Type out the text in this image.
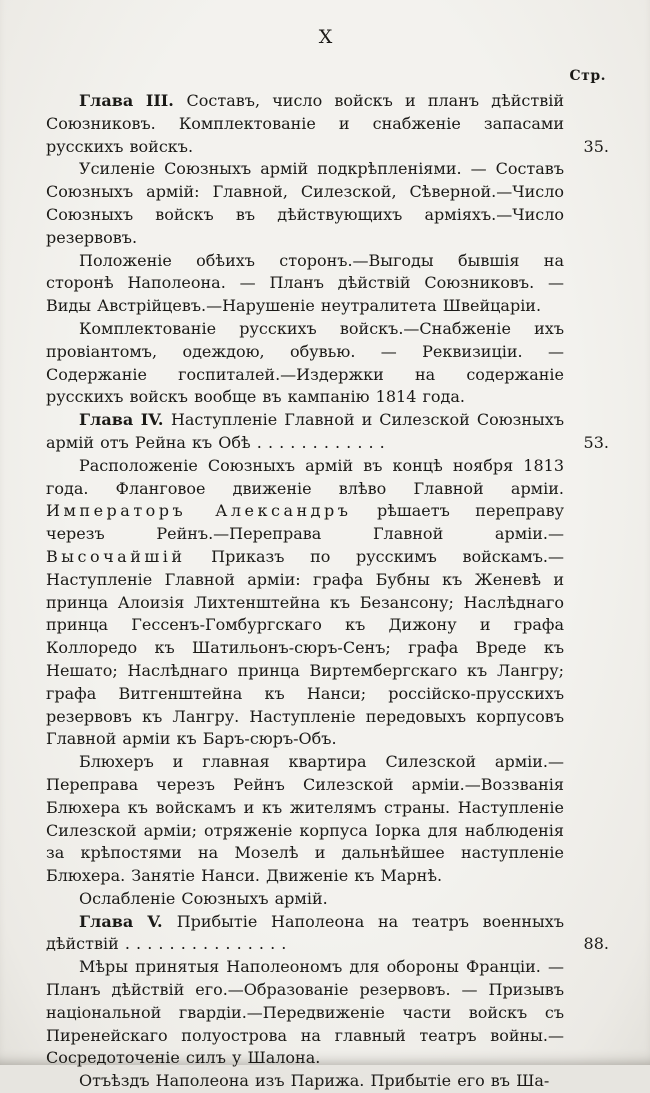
X
Стр.

Глава III. Составъ, число войскъ и планъ дѣйствій Союзниковъ. Комплектованіе и снабженіе запасами русскихъ войскъ.	35.

Усиленіе Союзныхъ армій подкрѣпленіями. — Составъ Союзныхъ армій: Главной, Силезской, Сѣверной.—Число Союзныхъ войскъ въ дѣйствующихъ арміяхъ.—Число резервовъ.

Положеніе обѣихъ сторонъ.—Выгоды бывшія на сторонѣ Наполеона. — Планъ дѣйствій Союзниковъ. — Виды Австрійцевъ.—Нарушеніе неутралитета Швейцаріи.

Комплектованіе русскихъ войскъ.—Снабженіе ихъ провіантомъ, одеждою, обувью. — Реквизиціи. — Содержаніе госпиталей.—Издержки на содержаніе русскихъ войскъ вообще въ кампанію 1814 года.

Глава IV. Наступленіе Главной и Силезской Союзныхъ армій отъ Рейна къ Обѣ . . . . . . . . . . . .	53.

Расположеніе Союзныхъ армій въ концѣ ноября 1813 года. Фланговое движеніе влѣво Главной арміи. Императоръ Александръ рѣшаетъ переправу черезъ Рейнъ.—Переправа Главной арміи.—Высочайшій Приказъ по русскимъ войскамъ.—Наступленіе Главной арміи: графа Бубны къ Женевѣ и принца Алоизія Лихтенштейна къ Безансону; Наслѣднаго принца Гессенъ-Гомбургскаго къ Дижону и графа Коллоредо къ Шатильонъ-сюръ-Сенъ; графа Вреде къ Нешато; Наслѣднаго принца Виртембергскаго къ Лангру; графа Витгенштейна къ Нанси; россійско-прусскихъ резервовъ къ Лангру. Наступленіе передовыхъ корпусовъ Главной арміи къ Баръ-сюръ-Объ.

Блюхеръ и главная квартира Силезской арміи.—Переправа черезъ Рейнъ Силезской арміи.—Воззванія Блюхера къ войскамъ и къ жителямъ страны. Наступленіе Силезской арміи; отряженіе корпуса Іорка для наблюденія за крѣпостями на Мозелѣ и дальнѣйшее наступленіе Блюхера. Занятіе Нанси. Движеніе къ Марнѣ.

Ослабленіе Союзныхъ армій.

Глава V. Прибытіе Наполеона на театръ военныхъ дѣйствій . . . . . . . . . . . . . . .	88.

Мѣры принятыя Наполеономъ для обороны Франціи. — Планъ дѣйствій его.—Образованіе резервовъ. — Призывъ національной гвардіи.—Передвиженіе части войскъ съ Пиренейскаго полуострова на главный театръ войны.—Сосредоточеніе силъ у Шалона.

Отъѣздъ Наполеона изъ Парижа. Прибытіе его въ Ша-
